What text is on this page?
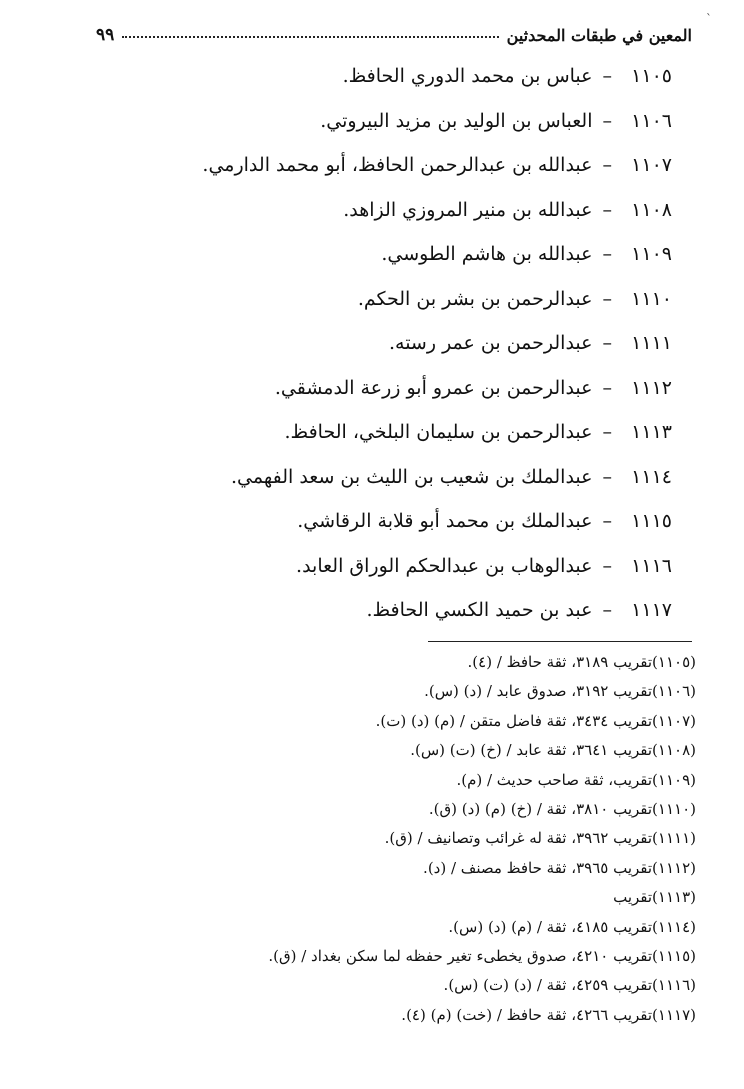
`
المعين في طبقات المحدثين
٩٩
١١٠٥–عباس بن محمد الدوري الحافظ.
١١٠٦–العباس بن الوليد بن مزيد البيروتي.
١١٠٧–عبدالله بن عبدالرحمن الحافظ، أبو محمد الدارمي.
١١٠٨–عبدالله بن منير المروزي الزاهد.
١١٠٩–عبدالله بن هاشم الطوسي.
١١١٠–عبدالرحمن بن بشر بن الحكم.
١١١١–عبدالرحمن بن عمر رسته.
١١١٢–عبدالرحمن بن عمرو أبو زرعة الدمشقي.
١١١٣–عبدالرحمن بن سليمان البلخي، الحافظ.
١١١٤–عبدالملك بن شعيب بن الليث بن سعد الفهمي.
١١١٥–عبدالملك بن محمد أبو قلابة الرقاشي.
١١١٦–عبدالوهاب بن عبدالحكم الوراق العابد.
١١١٧–عبد بن حميد الكسي الحافظ.
(١١٠٥)تقريب ٣١٨٩، ثقة حافظ / (٤).
(١١٠٦)تقريب ٣١٩٢، صدوق عابد / (د) (س).
(١١٠٧)تقريب ٣٤٣٤، ثقة فاضل متقن / (م) (د) (ت).
(١١٠٨)تقريب ٣٦٤١، ثقة عابد / (خ) (ت) (س).
(١١٠٩)تقريب، ثقة صاحب حديث / (م).
(١١١٠)تقريب ٣٨١٠، ثقة / (خ) (م) (د) (ق).
(١١١١)تقريب ٣٩٦٢، ثقة له غرائب وتصانيف / (ق).
(١١١٢)تقريب ٣٩٦٥، ثقة حافظ مصنف / (د).
(١١١٣)تقريب
(١١١٤)تقريب ٤١٨٥، ثقة / (م) (د) (س).
(١١١٥)تقريب ٤٢١٠، صدوق يخطىء تغير حفظه لما سكن بغداد / (ق).
(١١١٦)تقريب ٤٢٥٩، ثقة / (د) (ت) (س).
(١١١٧)تقريب ٤٢٦٦، ثقة حافظ / (خت) (م) (٤).
